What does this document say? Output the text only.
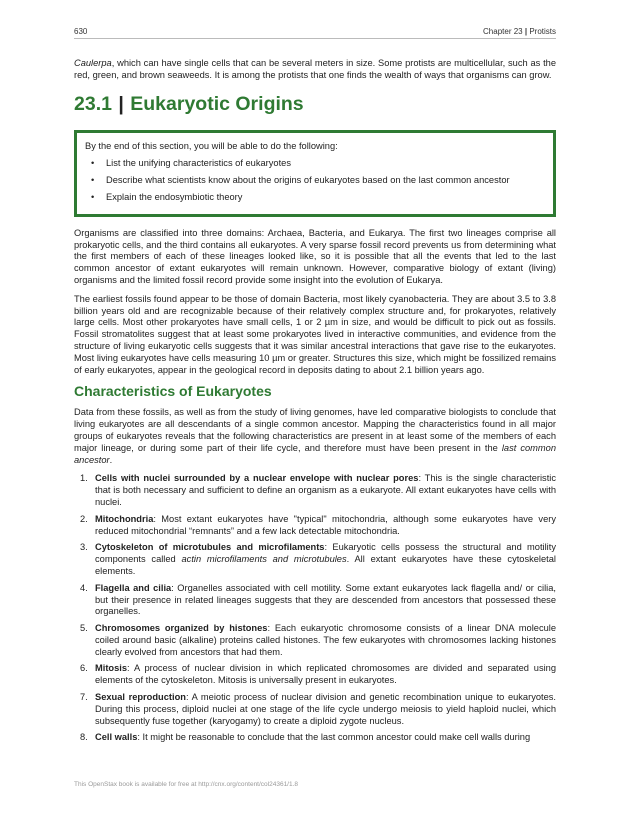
630	Chapter 23 | Protists

Caulerpa, which can have single cells that can be several meters in size. Some protists are multicellular, such as the red, green, and brown seaweeds. It is among the protists that one finds the wealth of ways that organisms can grow.

23.1 | Eukaryotic Origins

By the end of this section, you will be able to do the following:

• List the unifying characteristics of eukaryotes
• Describe what scientists know about the origins of eukaryotes based on the last common ancestor
• Explain the endosymbiotic theory

Organisms are classified into three domains: Archaea, Bacteria, and Eukarya. The first two lineages comprise all prokaryotic cells, and the third contains all eukaryotes. A very sparse fossil record prevents us from determining what the first members of each of these lineages looked like, so it is possible that all the events that led to the last common ancestor of extant eukaryotes will remain unknown. However, comparative biology of extant (living) organisms and the limited fossil record provide some insight into the evolution of Eukarya.

The earliest fossils found appear to be those of domain Bacteria, most likely cyanobacteria. They are about 3.5 to 3.8 billion years old and are recognizable because of their relatively complex structure and, for prokaryotes, relatively large cells. Most other prokaryotes have small cells, 1 or 2 µm in size, and would be difficult to pick out as fossils. Fossil stromatolites suggest that at least some prokaryotes lived in interactive communities, and evidence from the structure of living eukaryotic cells suggests that it was similar ancestral interactions that gave rise to the eukaryotes. Most living eukaryotes have cells measuring 10 µm or greater. Structures this size, which might be fossilized remains of early eukaryotes, appear in the geological record in deposits dating to about 2.1 billion years ago.

Characteristics of Eukaryotes

Data from these fossils, as well as from the study of living genomes, have led comparative biologists to conclude that living eukaryotes are all descendants of a single common ancestor. Mapping the characteristics found in all major groups of eukaryotes reveals that the following characteristics are present in at least some of the members of each major lineage, or during some part of their life cycle, and therefore must have been present in the last common ancestor.

1. Cells with nuclei surrounded by a nuclear envelope with nuclear pores: This is the single characteristic that is both necessary and sufficient to define an organism as a eukaryote. All extant eukaryotes have cells with nuclei.
2. Mitochondria: Most extant eukaryotes have "typical" mitochondria, although some eukaryotes have very reduced mitochondrial “remnants” and a few lack detectable mitochondria.
3. Cytoskeleton of microtubules and microfilaments: Eukaryotic cells possess the structural and motility components called actin microfilaments and microtubules. All extant eukaryotes have these cytoskeletal elements.
4. Flagella and cilia: Organelles associated with cell motility. Some extant eukaryotes lack flagella and/ or cilia, but their presence in related lineages suggests that they are descended from ancestors that possessed these organelles.
5. Chromosomes organized by histones: Each eukaryotic chromosome consists of a linear DNA molecule coiled around basic (alkaline) proteins called histones. The few eukaryotes with chromosomes lacking histones clearly evolved from ancestors that had them.
6. Mitosis: A process of nuclear division in which replicated chromosomes are divided and separated using elements of the cytoskeleton. Mitosis is universally present in eukaryotes.
7. Sexual reproduction: A meiotic process of nuclear division and genetic recombination unique to eukaryotes. During this process, diploid nuclei at one stage of the life cycle undergo meiosis to yield haploid nuclei, which subsequently fuse together (karyogamy) to create a diploid zygote nucleus.
8. Cell walls: It might be reasonable to conclude that the last common ancestor could make cell walls during
This OpenStax book is available for free at http://cnx.org/content/col24361/1.8
